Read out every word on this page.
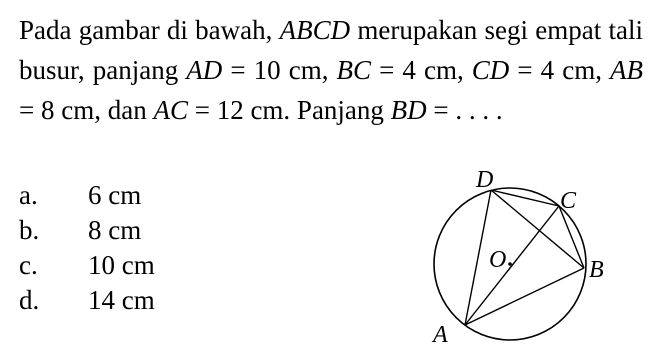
Pada gambar di bawah, ABCD merupakan segi empat tali busur, panjang AD = 10 cm, BC = 4 cm, CD = 4 cm, AB = 8 cm, dan AC = 12 cm. Panjang BD = . . . .

a.	6 cm
b.	8 cm
c.	10 cm
d.	14 cm
A
B
C
D
O
